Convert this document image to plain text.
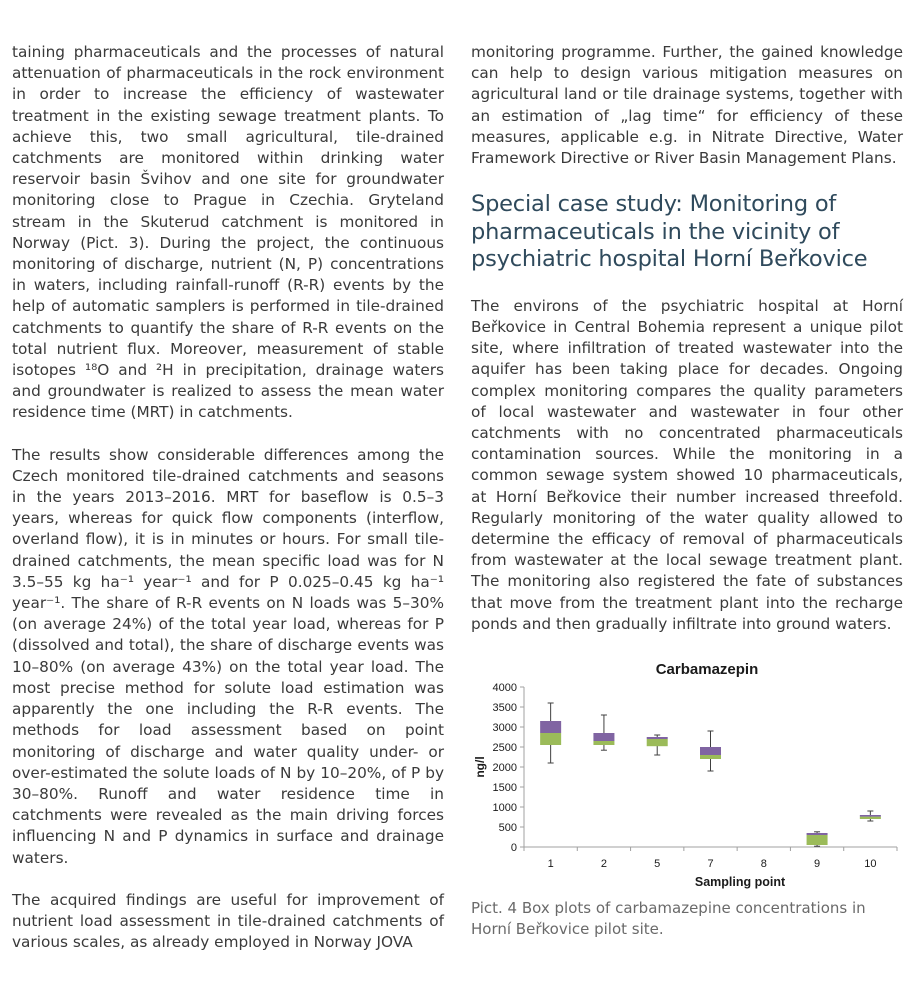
taining pharmaceuticals and the processes of natural attenuation of pharmaceuticals in the rock environment in order to increase the efficiency of wastewater treatment in the existing sewage treatment plants. To achieve this, two small agricultural, tile-drained catchments are monitored within drinking water reservoir basin Švihov and one site for groundwater monitoring close to Prague in Czechia. Gryteland stream in the Skuterud catchment is monitored in Norway (Pict. 3). During the project, the continuous monitoring of discharge, nutrient (N, P) concentrations in waters, including rainfall-runoff (R-R) events by the help of automatic samplers is performed in tile-drained catchments to quantify the share of R-R events on the total nutrient flux. Moreover, measurement of stable isotopes ¹⁸O and ²H in precipitation, drainage waters and groundwater is realized to assess the mean water residence time (MRT) in catchments.

The results show considerable differences among the Czech monitored tile-drained catchments and seasons in the years 2013–2016. MRT for baseflow is 0.5–3 years, whereas for quick flow components (interflow, overland flow), it is in minutes or hours. For small tile-drained catchments, the mean specific load was for N 3.5–55 kg ha⁻¹ year⁻¹ and for P 0.025–0.45 kg ha⁻¹ year⁻¹. The share of R-R events on N loads was 5–30% (on average 24%) of the total year load, whereas for P (dissolved and total), the share of discharge events was 10–80% (on average 43%) on the total year load. The most precise method for solute load estimation was apparently the one including the R-R events. The methods for load assessment based on point monitoring of discharge and water quality under- or over-estimated the solute loads of N by 10–20%, of P by 30–80%. Runoff and water residence time in catchments were revealed as the main driving forces influencing N and P dynamics in surface and drainage waters.

The acquired findings are useful for improvement of nutrient load assessment in tile-drained catchments of various scales, as already employed in Norway JOVA

monitoring programme. Further, the gained knowledge can help to design various mitigation measures on agricultural land or tile drainage systems, together with an estimation of „lag time“ for efficiency of these measures, applicable e.g. in Nitrate Directive, Water Framework Directive or River Basin Management Plans.

Special case study: Monitoring of pharmaceuticals in the vicinity of psychiatric hospital Horní Beřkovice

The environs of the psychiatric hospital at Horní Beřkovice in Central Bohemia represent a unique pilot site, where infiltration of treated wastewater into the aquifer has been taking place for decades. Ongoing complex monitoring compares the quality parameters of local wastewater and wastewater in four other catchments with no concentrated pharmaceuticals contamination sources. While the monitoring in a common sewage system showed 10 pharmaceuticals, at Horní Beřkovice their number increased threefold. Regularly monitoring of the water quality allowed to determine the efficacy of removal of pharmaceuticals from wastewater at the local sewage treatment plant. The monitoring also registered the fate of substances that move from the treatment plant into the recharge ponds and then gradually infiltrate into ground waters.

Carbamazepin
Sampling point
ng/l
0
500
1000
1500
2000
2500
3000
3500
4000
1	2	5	7	8	9	10
Pict. 4 Box plots of carbamazepine concentrations in Horní Beřkovice pilot site.
